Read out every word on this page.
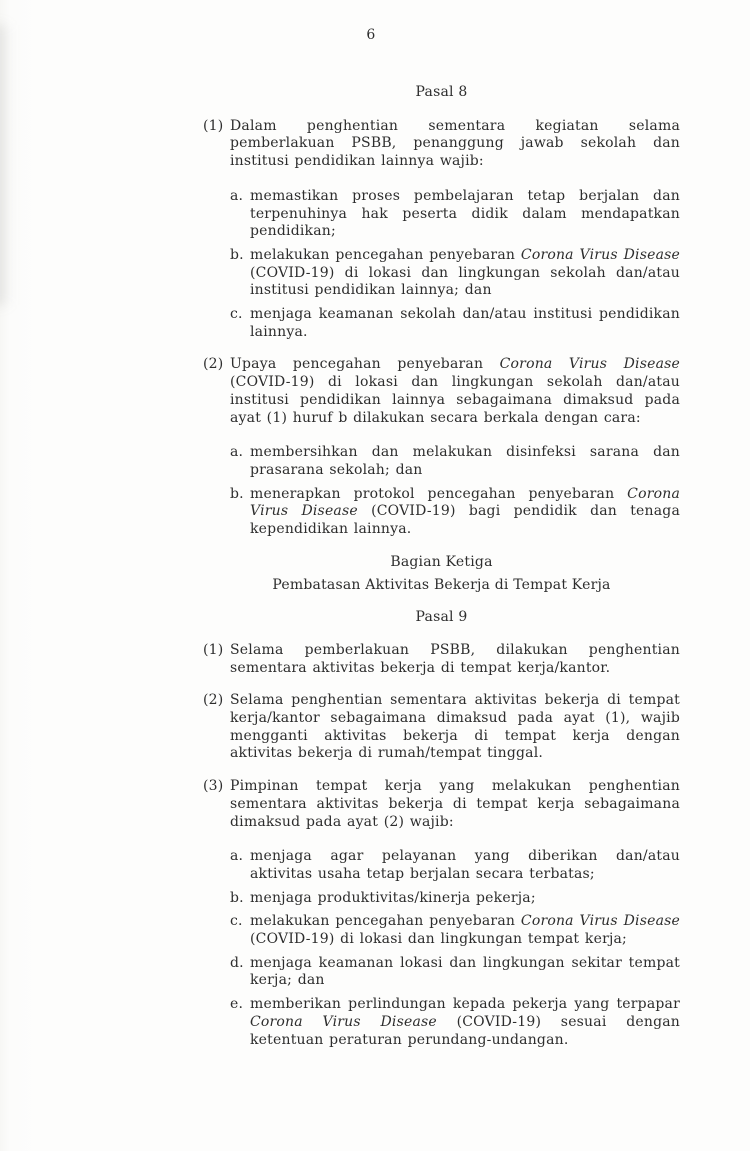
6
Pasal 8
(1) Dalam penghentian sementara kegiatan selama pemberlakuan PSBB, penanggung jawab sekolah dan institusi pendidikan lainnya wajib:
a. memastikan proses pembelajaran tetap berjalan dan terpenuhinya hak peserta didik dalam mendapatkan pendidikan;
b. melakukan pencegahan penyebaran Corona Virus Disease (COVID-19) di lokasi dan lingkungan sekolah dan/atau institusi pendidikan lainnya; dan
c. menjaga keamanan sekolah dan/atau institusi pendidikan lainnya.
(2) Upaya pencegahan penyebaran Corona Virus Disease (COVID-19) di lokasi dan lingkungan sekolah dan/atau institusi pendidikan lainnya sebagaimana dimaksud pada ayat (1) huruf b dilakukan secara berkala dengan cara:
a. membersihkan dan melakukan disinfeksi sarana dan prasarana sekolah; dan
b. menerapkan protokol pencegahan penyebaran Corona Virus Disease (COVID-19) bagi pendidik dan tenaga kependidikan lainnya.
Bagian Ketiga
Pembatasan Aktivitas Bekerja di Tempat Kerja
Pasal 9
(1) Selama pemberlakuan PSBB, dilakukan penghentian sementara aktivitas bekerja di tempat kerja/kantor.
(2) Selama penghentian sementara aktivitas bekerja di tempat kerja/kantor sebagaimana dimaksud pada ayat (1), wajib mengganti aktivitas bekerja di tempat kerja dengan aktivitas bekerja di rumah/tempat tinggal.
(3) Pimpinan tempat kerja yang melakukan penghentian sementara aktivitas bekerja di tempat kerja sebagaimana dimaksud pada ayat (2) wajib:
a. menjaga agar pelayanan yang diberikan dan/atau aktivitas usaha tetap berjalan secara terbatas;
b. menjaga produktivitas/kinerja pekerja;
c. melakukan pencegahan penyebaran Corona Virus Disease (COVID-19) di lokasi dan lingkungan tempat kerja;
d. menjaga keamanan lokasi dan lingkungan sekitar tempat kerja; dan
e. memberikan perlindungan kepada pekerja yang terpapar Corona Virus Disease (COVID-19) sesuai dengan ketentuan peraturan perundang-undangan.
